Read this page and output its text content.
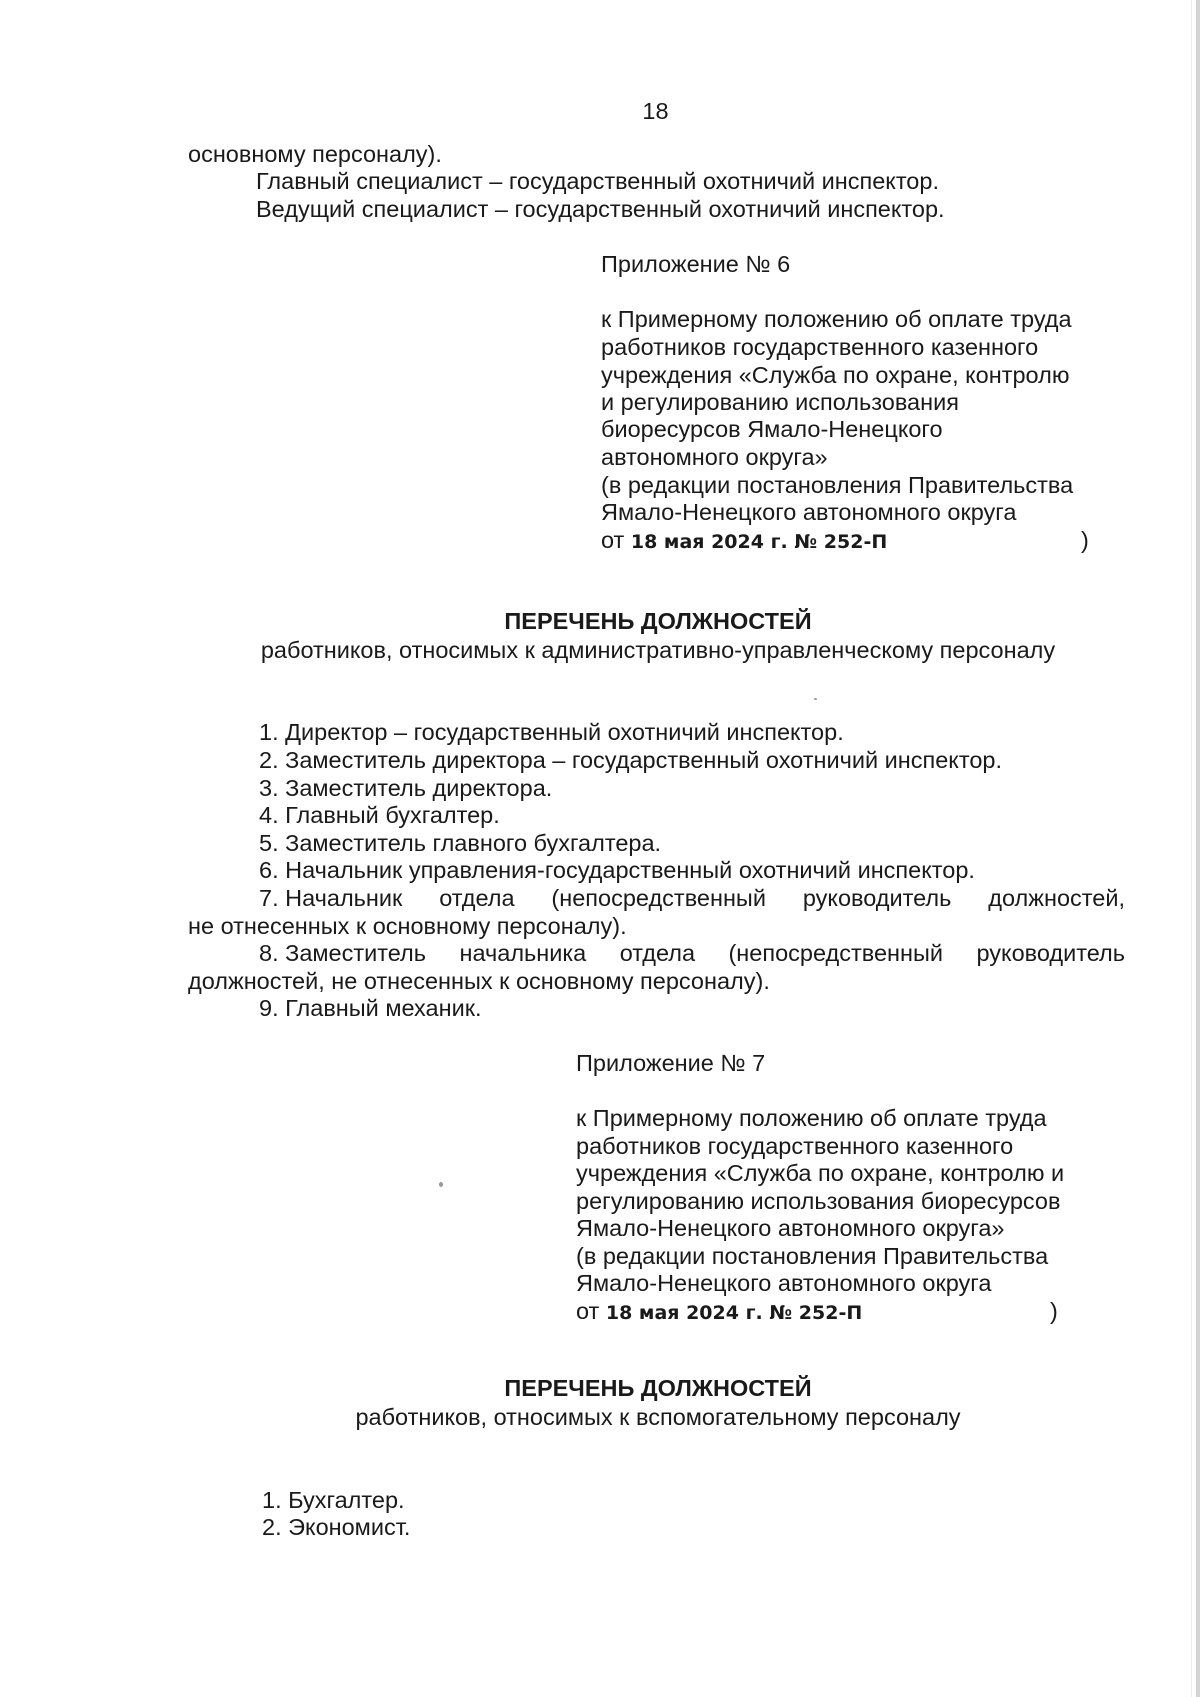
18
основному персоналу).
Главный специалист – государственный охотничий инспектор.
Ведущий специалист – государственный охотничий инспектор.
Приложение № 6
к Примерному положению об оплате труда
работников государственного казенного
учреждения «Служба по охране, контролю
и регулированию использования
биоресурсов Ямало-Ненецкого
автономного округа»
(в редакции постановления Правительства
Ямало-Ненецкого автономного округа
от 18 мая 2024 г. № 252-П	)
ПЕРЕЧЕНЬ ДОЛЖНОСТЕЙ
работников, относимых к административно-управленческому персоналу
1. Директор – государственный охотничий инспектор.
2. Заместитель директора – государственный охотничий инспектор.
3. Заместитель директора.
4. Главный бухгалтер.
5. Заместитель главного бухгалтера.
6. Начальник управления-государственный охотничий инспектор.
7. Начальник отдела (непосредственный руководитель должностей,
не отнесенных к основному персоналу).
8. Заместитель начальника отдела (непосредственный руководитель
должностей, не отнесенных к основному персоналу).
9. Главный механик.
Приложение № 7
к Примерному положению об оплате труда
работников государственного казенного
учреждения «Служба по охране, контролю и
регулированию использования биоресурсов
Ямало-Ненецкого автономного округа»
(в редакции постановления Правительства
Ямало-Ненецкого автономного округа
от 18 мая 2024 г. № 252-П	)
ПЕРЕЧЕНЬ ДОЛЖНОСТЕЙ
работников, относимых к вспомогательному персоналу
1. Бухгалтер.
2. Экономист.
